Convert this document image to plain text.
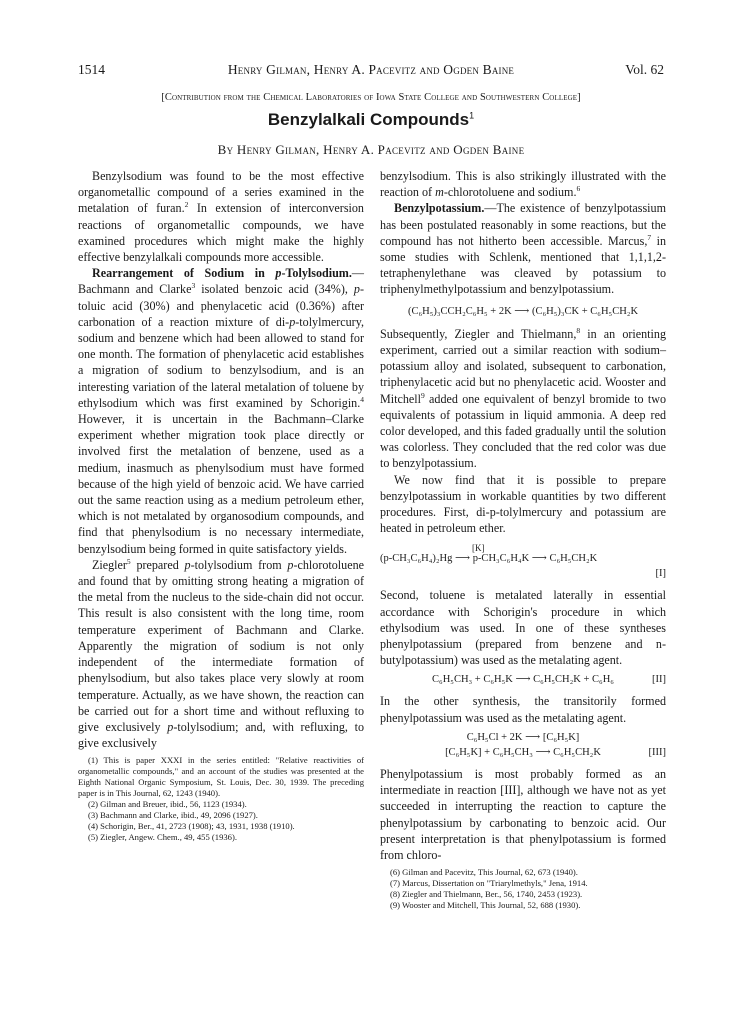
1514	Henry Gilman, Henry A. Pacevitz and Ogden Baine	Vol. 62
[Contribution from the Chemical Laboratories of Iowa State College and Southwestern College]
Benzylalkali Compounds$^1$
By Henry Gilman, Henry A. Pacevitz and Ogden Baine

Benzylsodium was found to be the most effective organometallic compound of a series examined in the metalation of furan.$^2$ In extension of interconversion reactions of organometallic compounds, we have examined procedures which might make the highly effective benzylalkali compounds more accessible.

Rearrangement of Sodium in p-Tolylsodium.—Bachmann and Clarke$^3$ isolated benzoic acid (34%), p-toluic acid (30%) and phenylacetic acid (0.36%) after carbonation of a reaction mixture of di-p-tolylmercury, sodium and benzene which had been allowed to stand for one month. The formation of phenylacetic acid establishes a migration of sodium to benzylsodium, and is an interesting variation of the lateral metalation of toluene by ethylsodium which was first examined by Schorigin.$^4$ However, it is uncertain in the Bachmann–Clarke experiment whether migration took place directly or involved first the metalation of benzene, used as a medium, inasmuch as phenylsodium must have formed because of the high yield of benzoic acid. We have carried out the same reaction using as a medium petroleum ether, which is not metalated by organosodium compounds, and find that phenylsodium is no necessary intermediate, benzylsodium being formed in quite satisfactory yields.

Ziegler$^5$ prepared p-tolylsodium from p-chlorotoluene and found that by omitting strong heating a migration of the metal from the nucleus to the side-chain did not occur. This result is also consistent with the long time, room temperature experiment of Bachmann and Clarke. Apparently the migration of sodium is not only independent of the intermediate formation of phenylsodium, but also takes place very slowly at room temperature. Actually, as we have shown, the reaction can be carried out for a short time and without refluxing to give exclusively p-tolylsodium; and, with refluxing, to give exclusively

(1) This is paper XXXI in the series entitled: "Relative reactivities of organometallic compounds," and an account of the studies was presented at the Eighth National Organic Symposium, St. Louis, Dec. 30, 1939. The preceding paper is in This Journal, 62, 1243 (1940).
(2) Gilman and Breuer, ibid., 56, 1123 (1934).
(3) Bachmann and Clarke, ibid., 49, 2096 (1927).
(4) Schorigin, Ber., 41, 2723 (1908); 43, 1931, 1938 (1910).
(5) Ziegler, Angew. Chem., 49, 455 (1936).

benzylsodium. This is also strikingly illustrated with the reaction of m-chlorotoluene and sodium.$^6$

Benzylpotassium.—The existence of benzylpotassium has been postulated reasonably in some reactions, but the compound has not hitherto been accessible. Marcus,$^7$ in some studies with Schlenk, mentioned that 1,1,1,2-tetraphenylethane was cleaved by potassium to triphenylmethylpotassium and benzylpotassium.

(C₆H₅)₃CCH₂C₆H₅ + 2K ⟶ (C₆H₅)₃CK + C₆H₅CH₂K

Subsequently, Ziegler and Thielmann,$^8$ in an orienting experiment, carried out a similar reaction with sodium–potassium alloy and isolated, subsequent to carbonation, triphenylacetic acid but no phenylacetic acid. Wooster and Mitchell$^9$ added one equivalent of benzyl bromide to two equivalents of potassium in liquid ammonia. A deep red color developed, and this faded gradually until the solution was colorless. They concluded that the red color was due to benzylpotassium.

We now find that it is possible to prepare benzylpotassium in workable quantities by two different procedures. First, di-p-tolylmercury and potassium are heated in petroleum ether.

[K]
(p-CH₃C₆H₄)₂Hg ⟶ p-CH₃C₆H₄K ⟶ C₆H₅CH₂K
[I]

Second, toluene is metalated laterally in essential accordance with Schorigin's procedure in which ethylsodium was used. In one of these syntheses phenylpotassium (prepared from benzene and n-butylpotassium) was used as the metalating agent.

C₆H₅CH₃ + C₆H₅K ⟶ C₆H₅CH₂K + C₆H₆	[II]

In the other synthesis, the transitorily formed phenylpotassium was used as the metalating agent.

C₆H₅Cl + 2K ⟶ [C₆H₅K]
[C₆H₅K] + C₆H₅CH₃ ⟶ C₆H₅CH₂K	[III]

Phenylpotassium is most probably formed as an intermediate in reaction [III], although we have not as yet succeeded in interrupting the reaction to capture the phenylpotassium by carbonating to benzoic acid. Our present interpretation is that phenylpotassium is formed from chloro-

(6) Gilman and Pacevitz, This Journal, 62, 673 (1940).
(7) Marcus, Dissertation on "Triarylmethyls," Jena, 1914.
(8) Ziegler and Thielmann, Ber., 56, 1740, 2453 (1923).
(9) Wooster and Mitchell, This Journal, 52, 688 (1930).
